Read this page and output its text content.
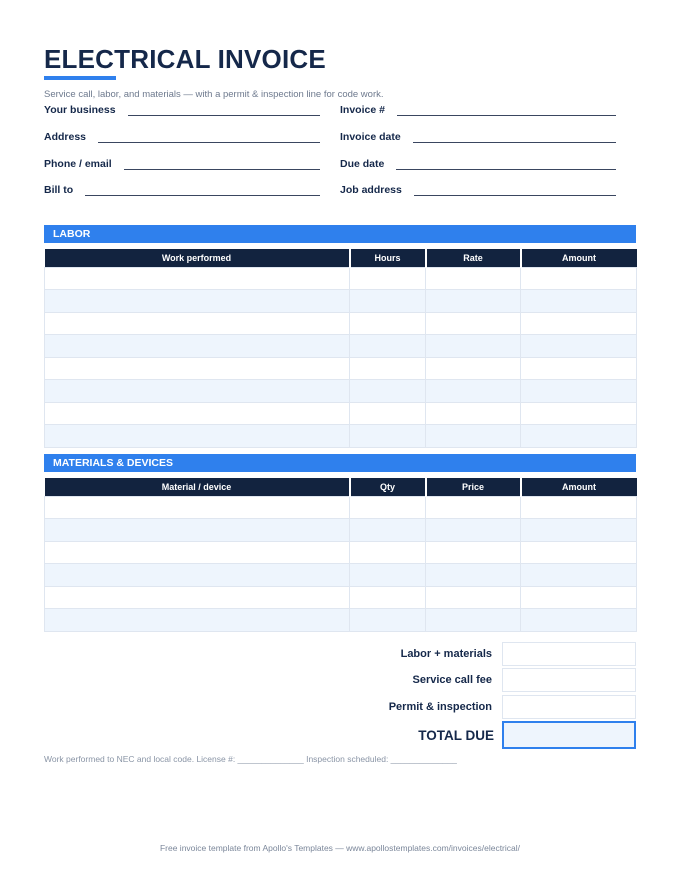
ELECTRICAL INVOICE
Service call, labor, and materials — with a permit & inspection line for code work.
Your business
Address
Phone / email
Bill to
Invoice #
Invoice date
Due date
Job address
LABOR
Work performed	Hours	Rate	Amount

MATERIALS & DEVICES
Material / device	Qty	Price	Amount

Labor + materials
Service call fee
Permit & inspection
TOTAL DUE
Work performed to NEC and local code. License #: ______________ Inspection scheduled: ______________
Free invoice template from Apollo's Templates — www.apollostemplates.com/invoices/electrical/
